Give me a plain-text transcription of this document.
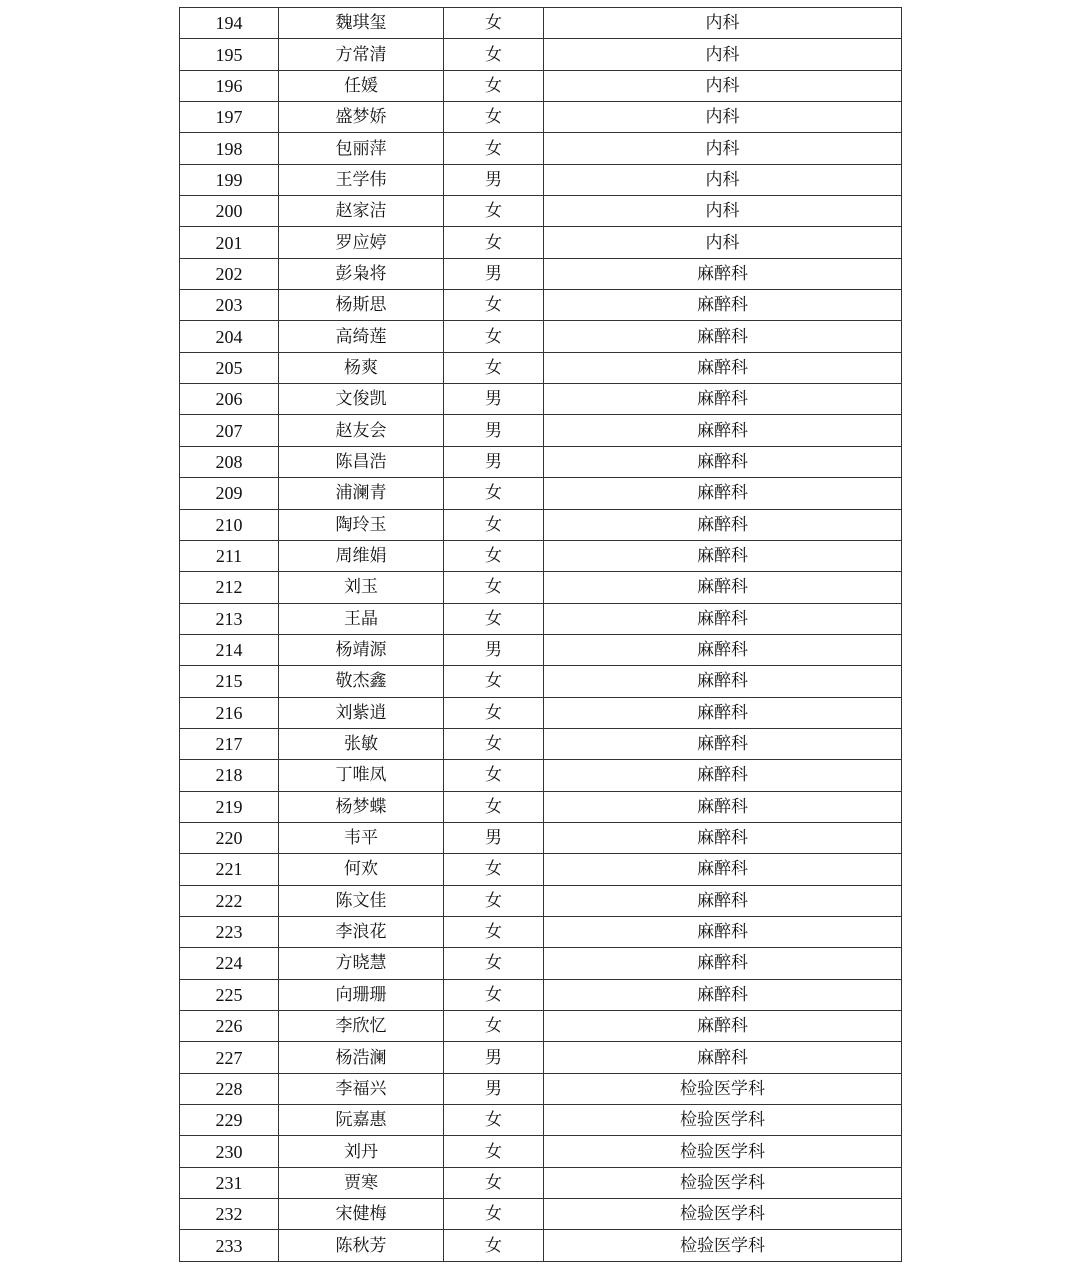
194	魏琪玺	女	内科
195	方常清	女	内科
196	任媛	女	内科
197	盛梦娇	女	内科
198	包丽萍	女	内科
199	王学伟	男	内科
200	赵家洁	女	内科
201	罗应婷	女	内科
202	彭枭将	男	麻醉科
203	杨斯思	女	麻醉科
204	高绮莲	女	麻醉科
205	杨爽	女	麻醉科
206	文俊凯	男	麻醉科
207	赵友会	男	麻醉科
208	陈昌浩	男	麻醉科
209	浦澜青	女	麻醉科
210	陶玲玉	女	麻醉科
211	周维娟	女	麻醉科
212	刘玉	女	麻醉科
213	王晶	女	麻醉科
214	杨靖源	男	麻醉科
215	敬杰鑫	女	麻醉科
216	刘紫逍	女	麻醉科
217	张敏	女	麻醉科
218	丁唯凤	女	麻醉科
219	杨梦蝶	女	麻醉科
220	韦平	男	麻醉科
221	何欢	女	麻醉科
222	陈文佳	女	麻醉科
223	李浪花	女	麻醉科
224	方晓慧	女	麻醉科
225	向珊珊	女	麻醉科
226	李欣忆	女	麻醉科
227	杨浩澜	男	麻醉科
228	李福兴	男	检验医学科
229	阮嘉惠	女	检验医学科
230	刘丹	女	检验医学科
231	贾寒	女	检验医学科
232	宋健梅	女	检验医学科
233	陈秋芳	女	检验医学科
